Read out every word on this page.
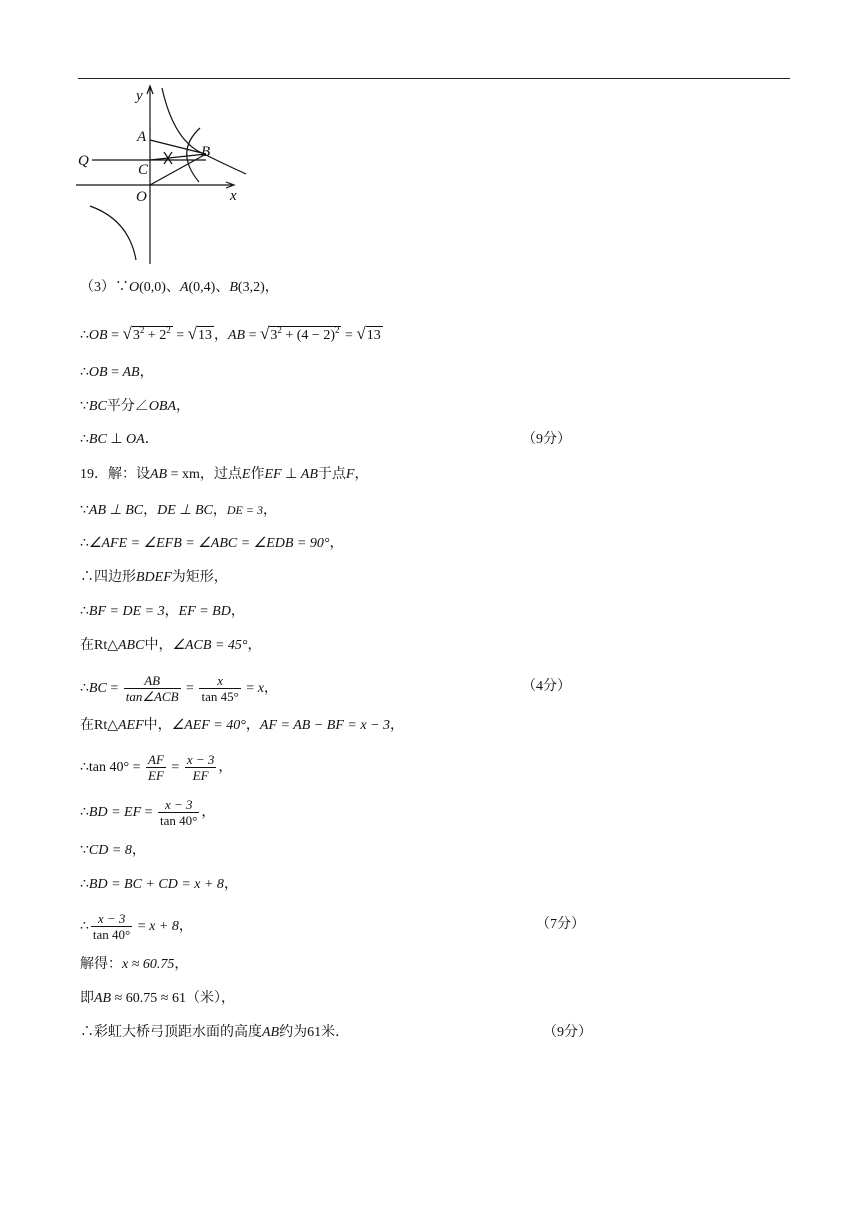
y
x
O
A
C
B
Q
（3）∵O(0,0)、A(0,4)、B(3,2)，
∴OB = $√3^2 + 2^2 = √13$ ，AB = $√3^2 + (4 - 2)^2 = √13$
∴OB = AB，
∵BC平分∠OBA，
∴BC ⊥ OA．	（9分）
19．解：设AB = xm，过点E作EF ⊥ AB于点F，
∵AB ⊥ BC，DE ⊥ BC，DE = 3，
∴∠AFE = ∠EFB = ∠ABC = ∠EDB = 90°，
∴四边形BDEF为矩形，
∴BF = DE = 3，EF = BD，
在Rt△ABC中，∠ACB = 45°，
∴BC = $\frac{AB}{\text{tan∠ACB}} = \frac{x}{\tan 45^\circ} = x$，	（4分）
在Rt△AEF中，∠AEF = 40°，AF = AB − BF = x − 3，
∴tan $40^\circ = \frac{AF}{EF} = \frac{x - 3}{EF}$ ，
∴BD = EF = $\frac{x - 3}{\tan 40^\circ}$ ，
∵CD = 8，
∴BD = BC + CD = x + 8，
∴ $\frac{x - 3}{\tan 40^\circ} = x + 8$，	（7分）
解得：x ≈ 60.75，
即AB ≈ 60.75 ≈ 61（米），
∴彩虹大桥弓顶距水面的高度AB约为61米．	（9分）
